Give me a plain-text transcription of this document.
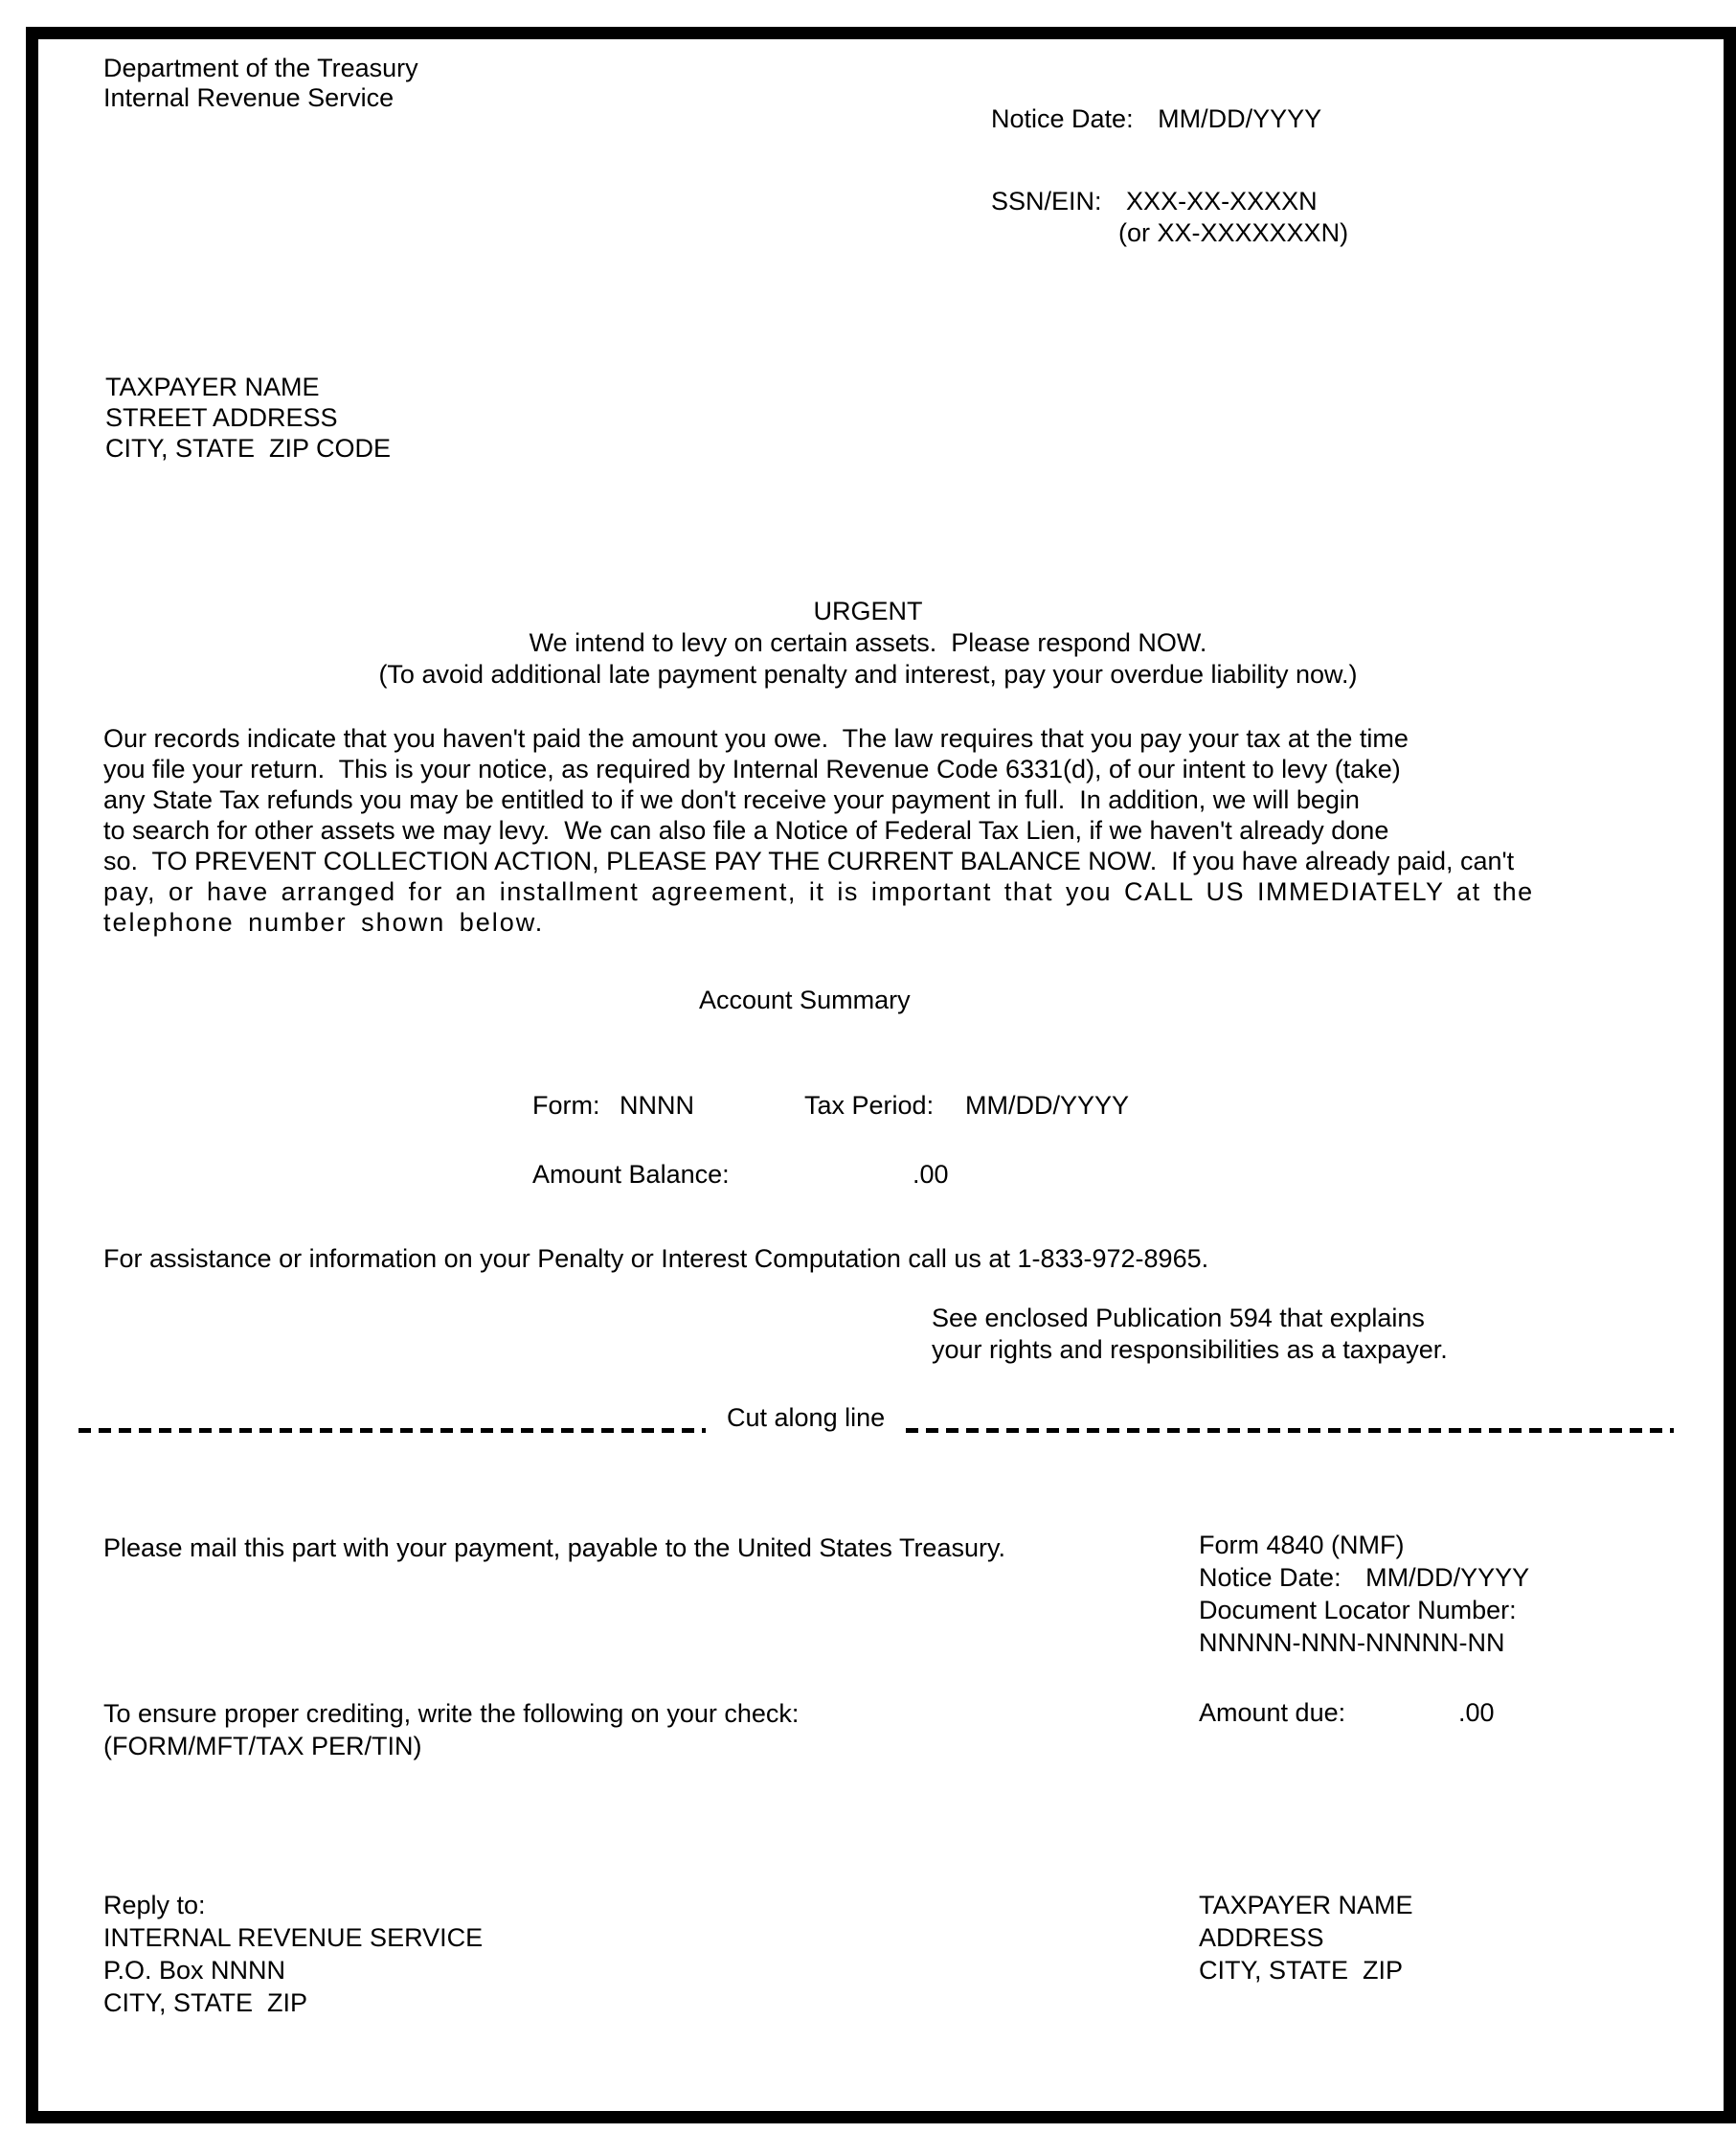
Department of the Treasury
Internal Revenue Service
Notice Date: MM/DD/YYYY
SSN/EIN: XXX-XX-XXXXN
(or XX-XXXXXXXN)
TAXPAYER NAME
STREET ADDRESS
CITY, STATE  ZIP CODE
URGENT
We intend to levy on certain assets.  Please respond NOW.
(To avoid additional late payment penalty and interest, pay your overdue liability now.)
Our records indicate that you haven't paid the amount you owe.  The law requires that you pay your tax at the time
you file your return.  This is your notice, as required by Internal Revenue Code 6331(d), of our intent to levy (take)
any State Tax refunds you may be entitled to if we don't receive your payment in full.  In addition, we will begin
to search for other assets we may levy.  We can also file a Notice of Federal Tax Lien, if we haven't already done
so.  TO PREVENT COLLECTION ACTION, PLEASE PAY THE CURRENT BALANCE NOW.  If you have already paid, can't
pay, or have arranged for an installment agreement, it is important that you CALL US IMMEDIATELY at the
telephone number shown below.
Account Summary
Form: NNNN	Tax Period: MM/DD/YYYY
Amount Balance:	.00
For assistance or information on your Penalty or Interest Computation call us at 1-833-972-8965.
See enclosed Publication 594 that explains
your rights and responsibilities as a taxpayer.
Cut along line
Please mail this part with your payment, payable to the United States Treasury.	Form 4840 (NMF)
Notice Date: MM/DD/YYYY
Document Locator Number:
NNNNN-NNN-NNNNN-NN
To ensure proper crediting, write the following on your check:
(FORM/MFT/TAX PER/TIN)
Amount due:	.00
Reply to:
INTERNAL REVENUE SERVICE
P.O. Box NNNN
CITY, STATE  ZIP
TAXPAYER NAME
ADDRESS
CITY, STATE  ZIP
